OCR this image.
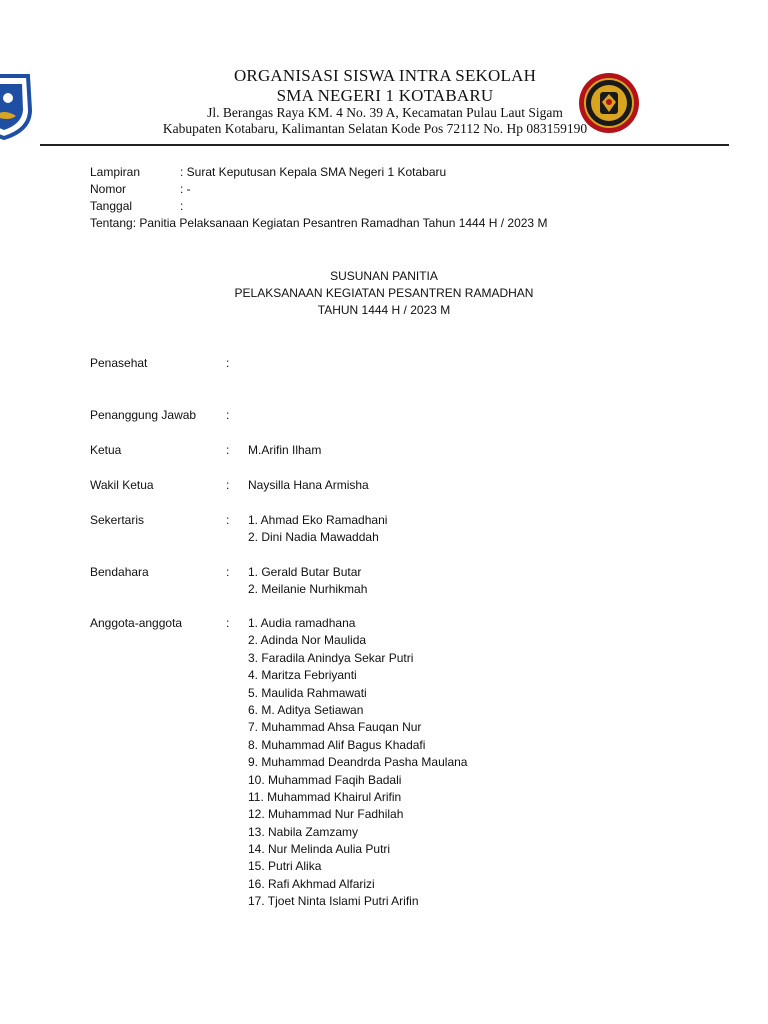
ORGANISASI SISWA INTRA SEKOLAH
SMA NEGERI 1 KOTABARU
Jl. Berangas Raya KM. 4 No. 39 A, Kecamatan Pulau Laut Sigam
Kabupaten Kotabaru, Kalimantan Selatan Kode Pos 72112 No. Hp 083159190
Lampiran	: Surat Keputusan Kepala SMA Negeri 1 Kotabaru
Nomor	: -
Tanggal	:
Tentang: Panitia Pelaksanaan Kegiatan Pesantren Ramadhan Tahun 1444 H / 2023 M
SUSUNAN PANITIA
PELAKSANAAN KEGIATAN PESANTREN RAMADHAN
TAHUN 1444 H / 2023 M
Penasehat	:
Penanggung Jawab :
Ketua	: M.Arifin Ilham
Wakil Ketua	: Naysilla Hana Armisha
Sekertaris	: 1. Ahmad Eko Ramadhani
2. Dini Nadia Mawaddah
Bendahara	: 1. Gerald Butar Butar
2. Meilanie Nurhikmah
Anggota-anggota	: 1. Audia ramadhana
2. Adinda Nor Maulida
3. Faradila Anindya Sekar Putri
4. Maritza Febriyanti
5. Maulida Rahmawati
6. M. Aditya Setiawan
7. Muhammad Ahsa Fauqan Nur
8. Muhammad Alif Bagus Khadafi
9. Muhammad Deandrda Pasha Maulana
10. Muhammad Faqih Badali
11. Muhammad Khairul Arifin
12. Muhammad Nur Fadhilah
13. Nabila Zamzamy
14. Nur Melinda Aulia Putri
15. Putri Alika
16. Rafi Akhmad Alfarizi
17. Tjoet Ninta Islami Putri Arifin
